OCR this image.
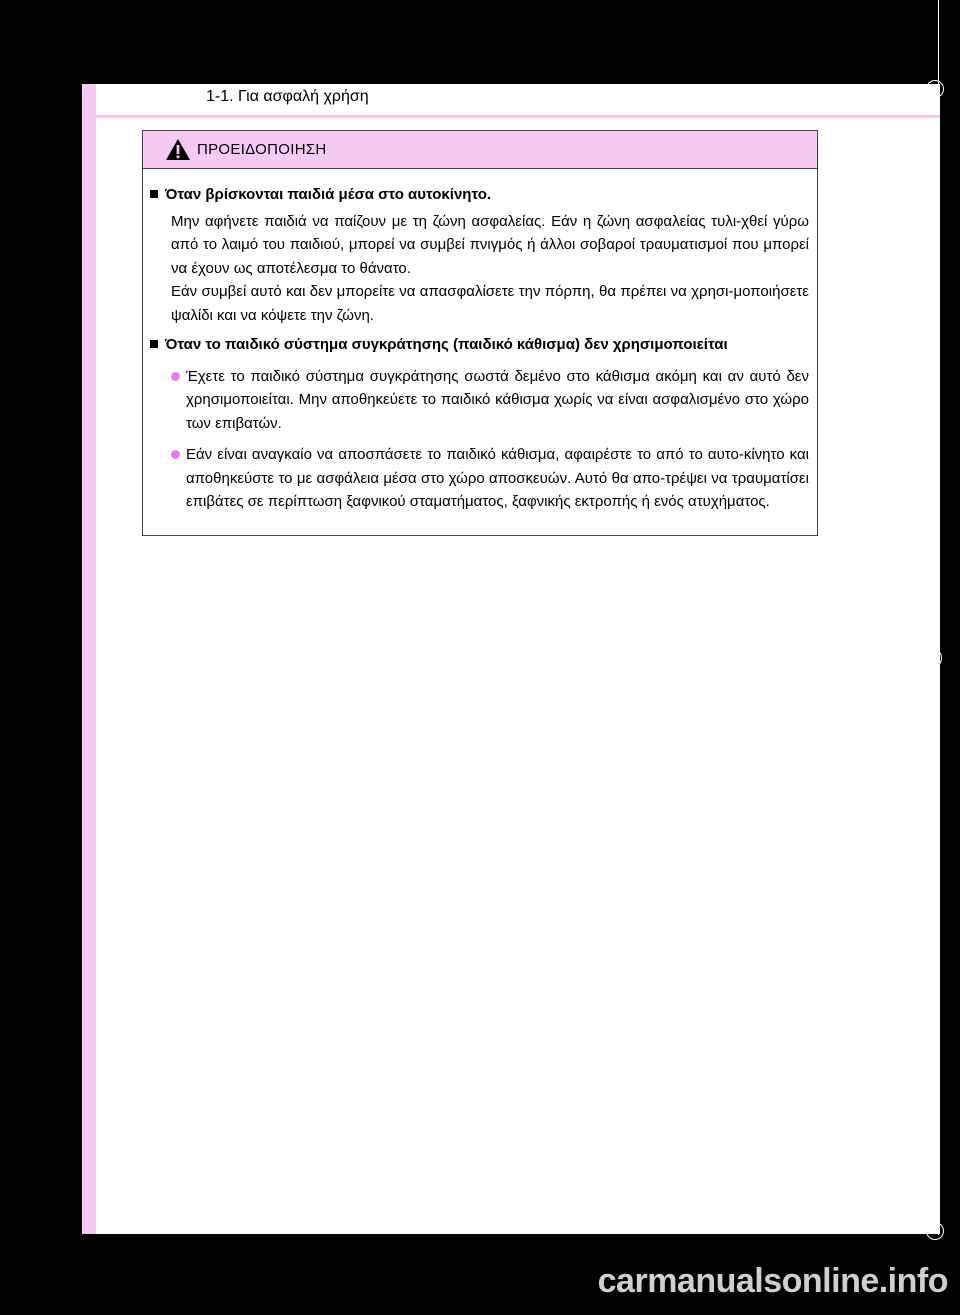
1-1. Για ασφαλή χρήση
ΠΡΟΕΙΔΟΠΟΙΗΣΗ
Όταν βρίσκονται παιδιά μέσα στο αυτοκίνητο.
Μην αφήνετε παιδιά να παίζουν με τη ζώνη ασφαλείας. Εάν η ζώνη ασφαλείας τυλι-χθεί γύρω από το λαιμό του παιδιού, μπορεί να συμβεί πνιγμός ή άλλοι σοβαροί τραυματισμοί που μπορεί να έχουν ως αποτέλεσμα το θάνατο.
Εάν συμβεί αυτό και δεν μπορείτε να απασφαλίσετε την πόρπη, θα πρέπει να χρησι-μοποιήσετε ψαλίδι και να κόψετε την ζώνη.
Όταν το παιδικό σύστημα συγκράτησης (παιδικό κάθισμα) δεν χρησιμοποιείται
Έχετε το παιδικό σύστημα συγκράτησης σωστά δεμένο στο κάθισμα ακόμη και αν αυτό δεν χρησιμοποιείται. Μην αποθηκεύετε το παιδικό κάθισμα χωρίς να είναι ασφαλισμένο στο χώρο των επιβατών.
Εάν είναι αναγκαίο να αποσπάσετε το παιδικό κάθισμα, αφαιρέστε το από το αυτο-κίνητο και αποθηκεύστε το με ασφάλεια μέσα στο χώρο αποσκευών. Αυτό θα απο-τρέψει να τραυματίσει επιβάτες σε περίπτωση ξαφνικού σταματήματος, ξαφνικής εκτροπής ή ενός ατυχήματος.
carmanualsonline.info
